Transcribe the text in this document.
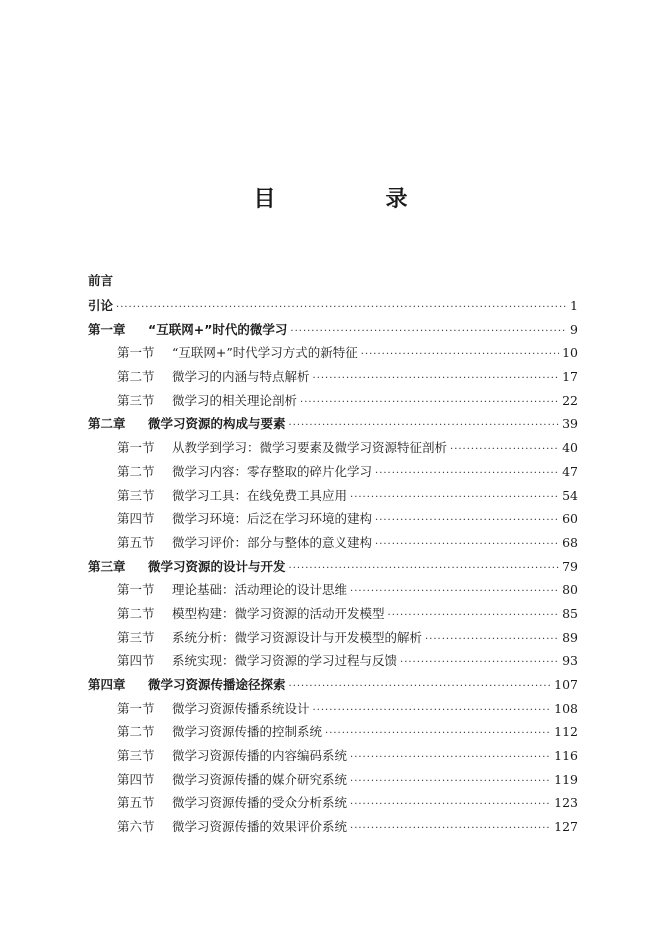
目　录
前言
引论 ·····	1
第一章	“互联网+”时代的微学习 ·····	9
第一节	“互联网+”时代学习方式的新特征 ·····	10
第二节	微学习的内涵与特点解析 ·····	17
第三节	微学习的相关理论剖析 ·····	22
第二章	微学习资源的构成与要素 ·····	39
第一节	从教学到学习：微学习要素及微学习资源特征剖析 ·····	40
第二节	微学习内容：零存整取的碎片化学习 ·····	47
第三节	微学习工具：在线免费工具应用 ·····	54
第四节	微学习环境：后泛在学习环境的建构 ·····	60
第五节	微学习评价：部分与整体的意义建构 ·····	68
第三章	微学习资源的设计与开发 ·····	79
第一节	理论基础：活动理论的设计思维 ·····	80
第二节	模型构建：微学习资源的活动开发模型 ·····	85
第三节	系统分析：微学习资源设计与开发模型的解析 ·····	89
第四节	系统实现：微学习资源的学习过程与反馈 ·····	93
第四章	微学习资源传播途径探索 ·····	107
第一节	微学习资源传播系统设计 ·····	108
第二节	微学习资源传播的控制系统 ·····	112
第三节	微学习资源传播的内容编码系统 ·····	116
第四节	微学习资源传播的媒介研究系统 ·····	119
第五节	微学习资源传播的受众分析系统 ·····	123
第六节	微学习资源传播的效果评价系统 ·····	127
